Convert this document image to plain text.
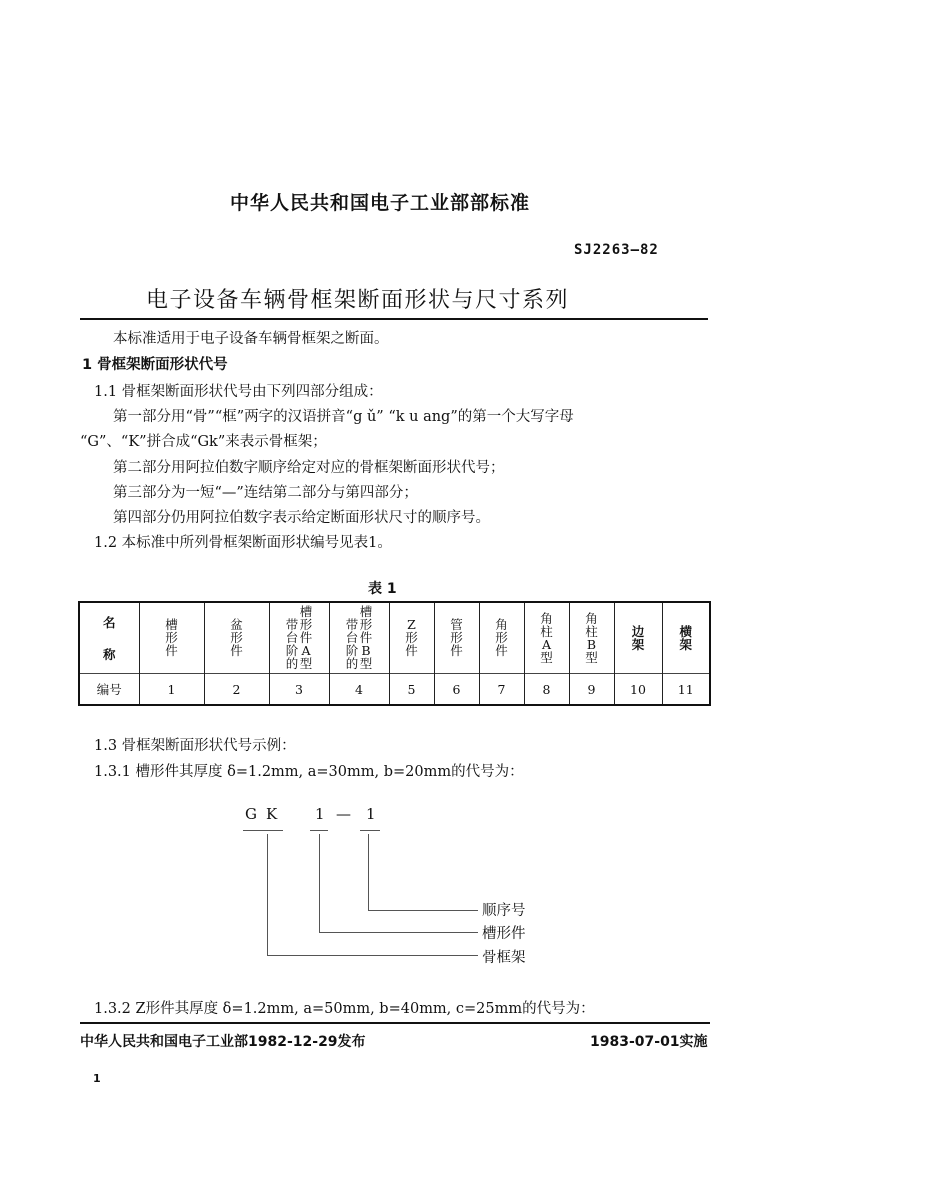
中华人民共和国电子工业部部标准
SJ2263—82
电子设备车辆骨框架断面形状与尺寸系列
本标准适用于电子设备车辆骨框架之断面。
1 骨框架断面形状代号
1.1 骨框架断面形状代号由下列四部分组成：
第一部分用“骨”“框”两字的汉语拼音“g ǔ” “k u ang”的第一个大写字母
“G”、“K”拼合成“Gk”来表示骨框架；
第二部分用阿拉伯数字顺序给定对应的骨框架断面形状代号；
第三部分为一短“—”连结第二部分与第四部分；
第四部分仍用阿拉伯数字表示给定断面形状尺寸的顺序号。
1.2 本标准中所列骨框架断面形状编号见表1。
表 1
名
称	槽形件	盆形件	带台阶的槽形件A型	带台阶的槽形件B型	Z形件	管形件	角形件	角柱A型	角柱B型	边架	横架
编号	1	2	3	4	5	6	7	8	9	10	11
1.3 骨框架断面形状代号示例：
1.3.1 槽形件其厚度 δ=1.2mm, a=30mm, b=20mm的代号为：
G K	1 — 1
顺序号
槽形件
骨框架
1.3.2 Z形件其厚度 δ=1.2mm, a=50mm, b=40mm, c=25mm的代号为：
中华人民共和国电子工业部1982-12-29发布	1983-07-01实施
1
